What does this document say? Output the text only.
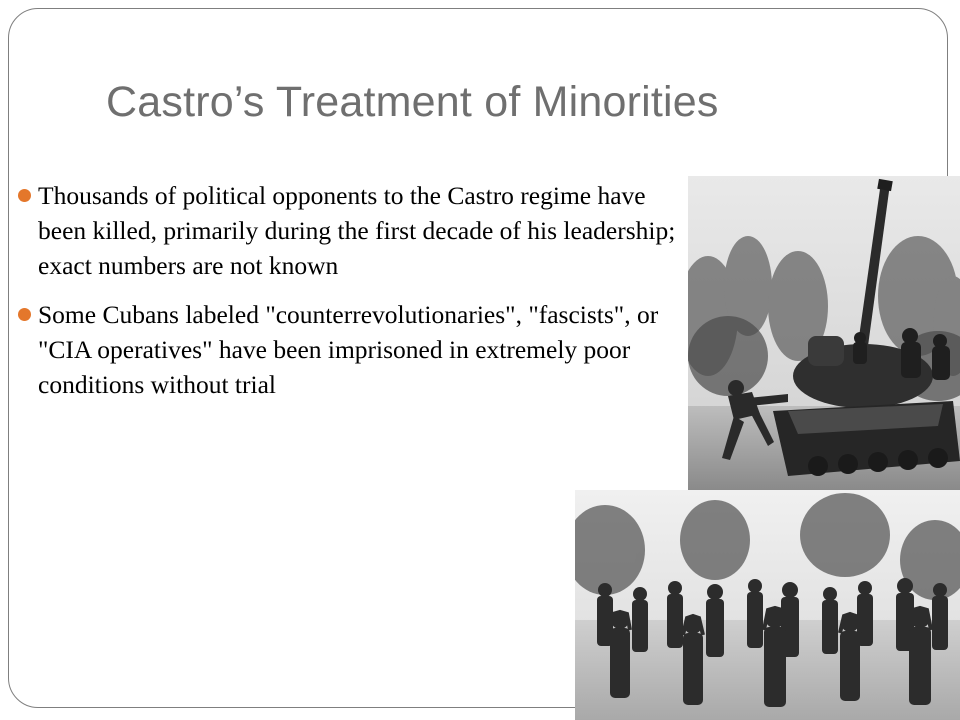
Castro’s Treatment of Minorities
Thousands of political opponents to the Castro regime have been killed, primarily during the first decade of his leadership; exact numbers are not known
Some Cubans labeled "counterrevolutionaries", "fascists", or "CIA operatives" have been imprisoned in extremely poor conditions without trial
